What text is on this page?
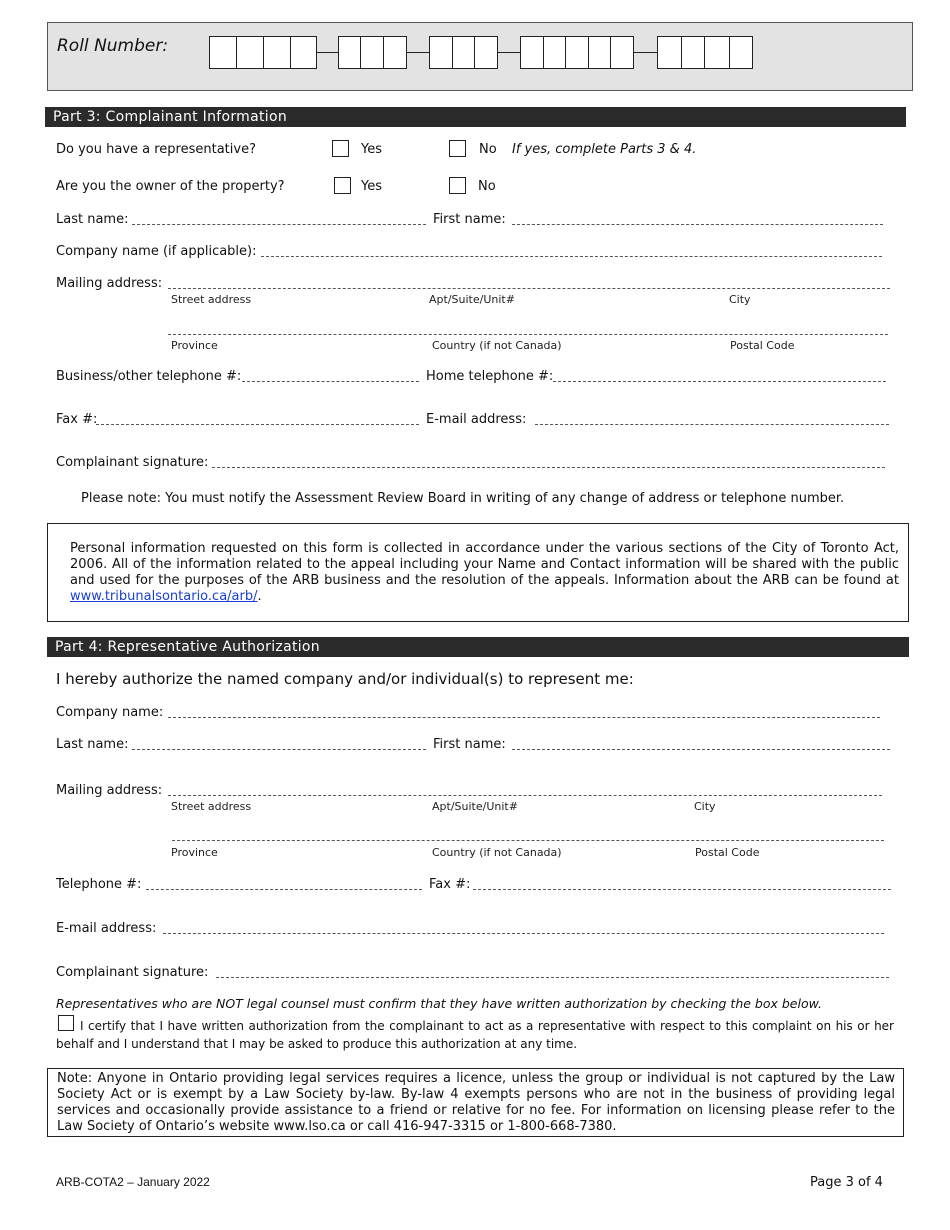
Roll Number:
Part 3: Complainant Information
Do you have a representative?	Yes	No If yes, complete Parts 3 & 4.
Are you the owner of the property?	Yes	No
Last name:	First name:
Company name (if applicable):
Mailing address:
Street address	Apt/Suite/Unit#	City
Province	Country (if not Canada)	Postal Code
Business/other telephone #:	Home telephone #:
Fax #:	E-mail address:
Complainant signature:
Please note: You must notify the Assessment Review Board in writing of any change of address or telephone number.
Personal information requested on this form is collected in accordance under the various sections of the City of Toronto Act, 2006. All of the information related to the appeal including your Name and Contact information will be shared with the public and used for the purposes of the ARB business and the resolution of the appeals. Information about the ARB can be found at www.tribunalsontario.ca/arb/.
Part 4: Representative Authorization
I hereby authorize the named company and/or individual(s) to represent me:
Company name:
Last name:	First name:
Mailing address:
Street address	Apt/Suite/Unit#	City
Province	Country (if not Canada)	Postal Code
Telephone #:	Fax #:
E-mail address:
Complainant signature:
Representatives who are NOT legal counsel must confirm that they have written authorization by checking the box below.
I certify that I have written authorization from the complainant to act as a representative with respect to this complaint on his or her behalf and I understand that I may be asked to produce this authorization at any time.
Note: Anyone in Ontario providing legal services requires a licence, unless the group or individual is not captured by the Law Society Act or is exempt by a Law Society by-law. By-law 4 exempts persons who are not in the business of providing legal services and occasionally provide assistance to a friend or relative for no fee. For information on licensing please refer to the Law Society of Ontario’s website www.lso.ca or call 416-947-3315 or 1-800-668-7380.
ARB-COTA2 – January 2022	Page 3 of 4
